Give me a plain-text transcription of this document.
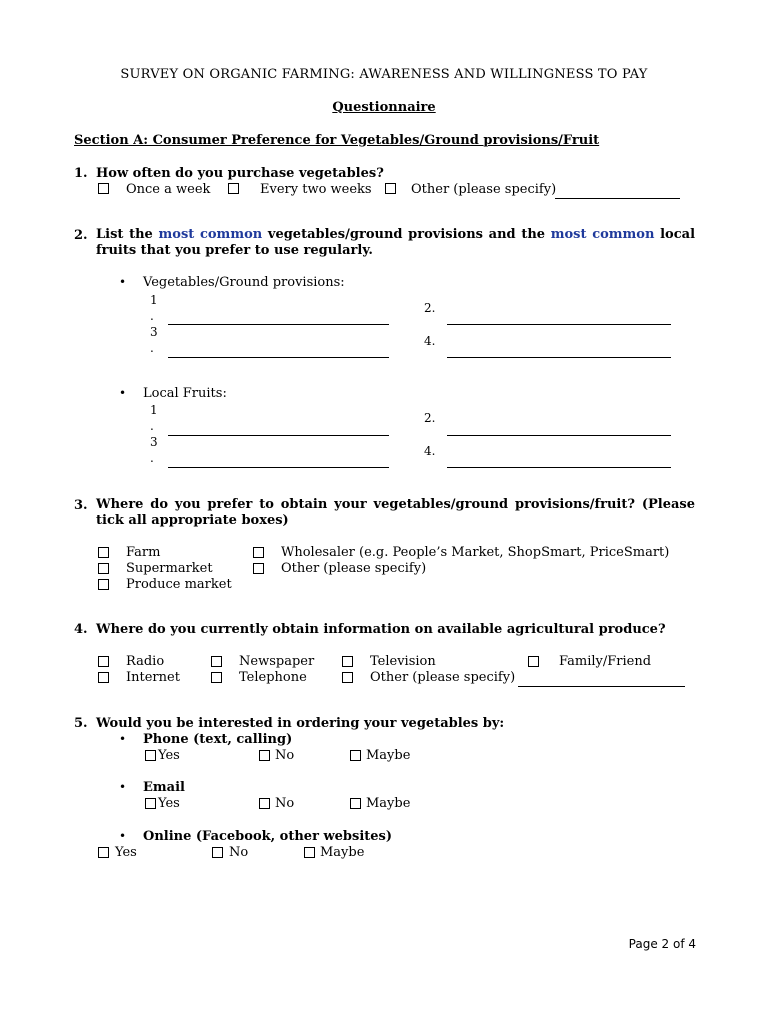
SURVEY ON ORGANIC FARMING: AWARENESS AND WILLINGNESS TO PAY
Questionnaire
Section A: Consumer Preference for Vegetables/Ground provisions/Fruit
1. How often do you purchase vegetables?
Once a week	Every two weeks	Other (please specify)
2. List the most common vegetables/ground provisions and the most common local fruits that you prefer to use regularly.
• Vegetables/Ground provisions:
1
.
3
.
2.
4.
• Local Fruits:
1
.
3
.
2.
4.
3. Where do you prefer to obtain your vegetables/ground provisions/fruit? (Please tick all appropriate boxes)
Farm
Supermarket
Produce market
Wholesaler (e.g. People’s Market, ShopSmart, PriceSmart)
Other (please specify)
4. Where do you currently obtain information on available agricultural produce?
Radio	Newspaper	Television	Family/Friend
Internet	Telephone	Other (please specify)
5. Would you be interested in ordering your vegetables by:
• Phone (text, calling)
Yes	No	Maybe
• Email
Yes	No	Maybe
• Online (Facebook, other websites)
Yes	No	Maybe
Page 2 of 4
